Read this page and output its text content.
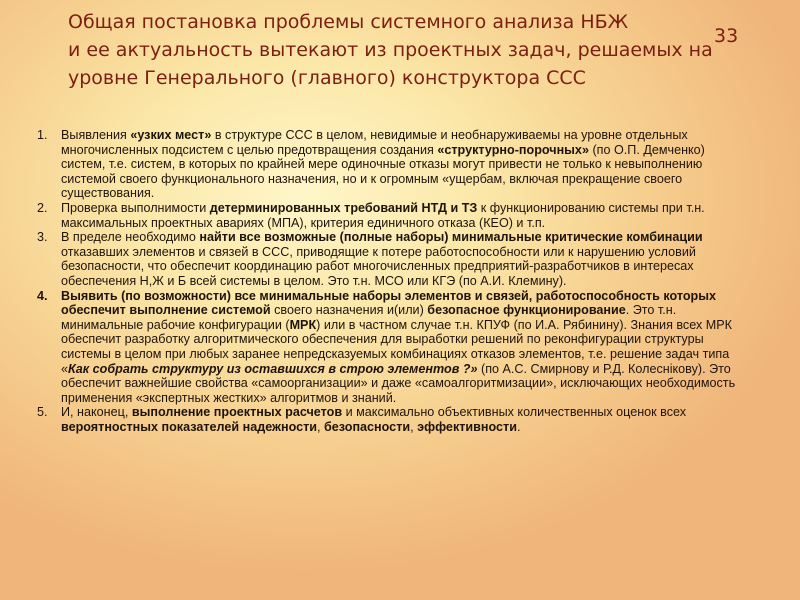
Общая постановка проблемы системного анализа НБЖ
и ее актуальность вытекают из проектных задач, решаемых на
уровне Генерального (главного) конструктора ССС
33
1. Выявления «узких мест» в структуре ССС в целом, невидимые и необнаруживаемы на уровне отдельных многочисленных подсистем с целью предотвращения создания «структурно-порочных» (по О.П. Демченко) систем, т.е. систем, в которых по крайней мере одиночные отказы могут привести не только к невыполнению системой своего функционального назначения, но и к огромным «ущербам, включая прекращение своего существования.
2. Проверка выполнимости детерминированных требований НТД и ТЗ к функционированию системы при т.н. максимальных проектных авариях (МПА), критерия единичного отказа (КЕО) и т.п.
3. В пределе необходимо найти все возможные (полные наборы) минимальные критические комбинации отказавших элементов и связей в ССС, приводящие к потере работоспособности или к нарушению условий безопасности, что обеспечит координацию работ многочисленных предприятий-разработчиков в интересах обеспечения Н,Ж и Б всей системы в целом. Это т.н. МСО или КГЭ (по А.И. Клемину).
4. Выявить (по возможности) все минимальные наборы элементов и связей, работоспособность которых обеспечит выполнение системой своего назначения и(или) безопасное функционирование. Это т.н. минимальные рабочие конфигурации (МРК) или в частном случае т.н. КПУФ (по И.А. Рябинину). Знания всех МРК обеспечит разработку алгоритмического обеспечения для выработки решений по реконфигурации структуры системы в целом при любых заранее непредсказуемых комбинациях отказов элементов, т.е. решение задач типа «Как собрать структуру из оставшихся в строю элементов ?» (по А.С. Смирнову и Р.Д. Колеснікову). Это обеспечит важнейшие свойства «самоорганизации» и даже «самоалгоритмизации», исключающих необходимость применения «экспертных жестких» алгоритмов и знаний.
5. И, наконец, выполнение проектных расчетов и максимально объективных количественных оценок всех вероятностных показателей надежности, безопасности, эффективности.
